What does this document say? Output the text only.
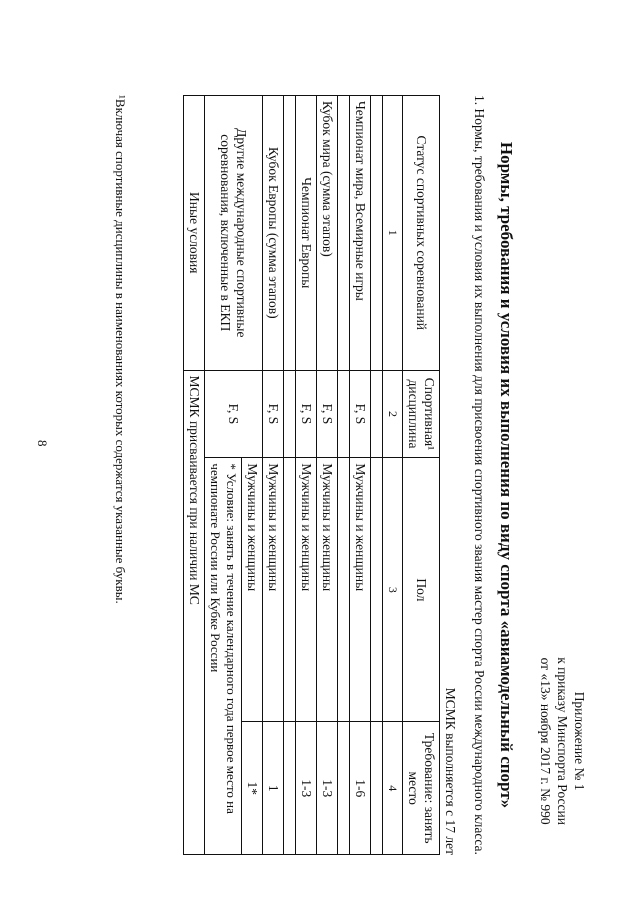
8
Приложение № 1
к приказу Минспорта России
от «13» ноября 2017 г. № 990
Нормы, требования и условия их выполнения по виду спорта «авиамодельный спорт»
1. Нормы, требования и условия их выполнения для присвоения спортивного звания мастер спорта России международного класса.
МСМК выполняется с 17 лет
Статус спортивных соревнований	Спортивная¹ дисциплина	Пол	Требование: занять место
1	2	3	4

Чемпионат мира, Всемирные игры	F, S	Мужчины и женщины	1-6

Кубок мира (сумма этапов)	F, S	Мужчины и женщины	1-3
Чемпионат Европы	F, S	Мужчины и женщины	1-3

Кубок Европы (сумма этапов)	F, S	Мужчины и женщины	1
Другие международные спортивные соревнования, включенные в ЕКП	F, S	Мужчины и женщины	1*
		* Условие: занять в течение календарного года первое место на чемпионате России или Кубке России	
Иные условия	МСМК присваивается при наличии МС		
¹Включая спортивные дисциплины в наименованиях которых содержатся указанные буквы.
